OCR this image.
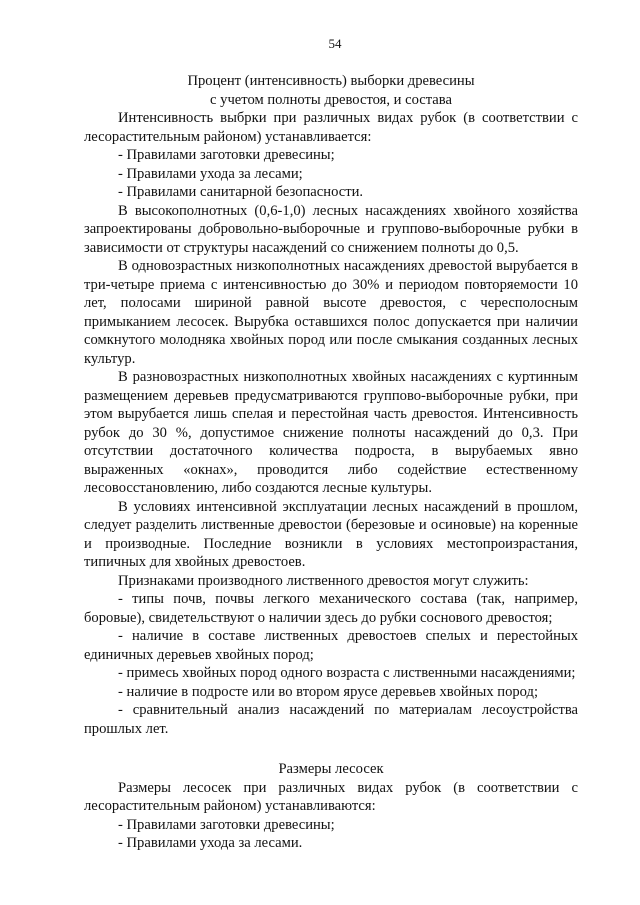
54

Процент (интенсивность) выборки древесины

с учетом полноты древостоя, и состава

Интенсивность выбрки при различных видах рубок (в соответствии с лесорастительным районом) устанавливается:

- Правилами заготовки древесины;

- Правилами ухода за лесами;

- Правилами санитарной безопасности.

В высокополнотных (0,6-1,0) лесных насаждениях хвойного хозяйства запроектированы добровольно-выборочные и группово-выборочные рубки в зависимости от структуры насаждений со снижением полноты до 0,5.

В одновозрастных низкополнотных насаждениях древостой вырубается в три-четыре приема с интенсивностью до 30% и периодом повторяемости 10 лет, полосами шириной равной высоте древостоя, с чересполосным примыканием лесосек. Вырубка оставшихся полос допускается при наличии сомкнутого молодняка хвойных пород или после смыкания созданных лесных культур.

В разновозрастных низкополнотных хвойных насаждениях с куртинным размещением деревьев предусматриваются группово-выборочные рубки, при этом вырубается лишь спелая и перестойная часть древостоя. Интенсивность рубок до 30 %, допустимое снижение полноты насаждений до 0,3. При отсутствии достаточного количества подроста, в вырубаемых явно выраженных «окнах», проводится либо содействие естественному лесовосстановлению, либо создаются лесные культуры.

В условиях интенсивной эксплуатации лесных насаждений в прошлом, следует разделить лиственные древостои (березовые и осиновые) на коренные и производные. Последние возникли в условиях местопроизрастания, типичных для хвойных древостоев.

Признаками производного лиственного древостоя могут служить:

- типы почв, почвы легкого механического состава (так, например, боровые), свидетельствуют о наличии здесь до рубки соснового древостоя;

- наличие в составе лиственных древостоев спелых и перестойных единичных деревьев хвойных пород;

- примесь хвойных пород одного возраста с лиственными насаждениями;

- наличие в подросте или во втором ярусе деревьев хвойных пород;

- сравнительный анализ насаждений по материалам лесоустройства прошлых лет.

Размеры лесосек

Размеры лесосек при различных видах рубок (в соответствии с лесорастительным районом) устанавливаются:

- Правилами заготовки древесины;

- Правилами ухода за лесами.
